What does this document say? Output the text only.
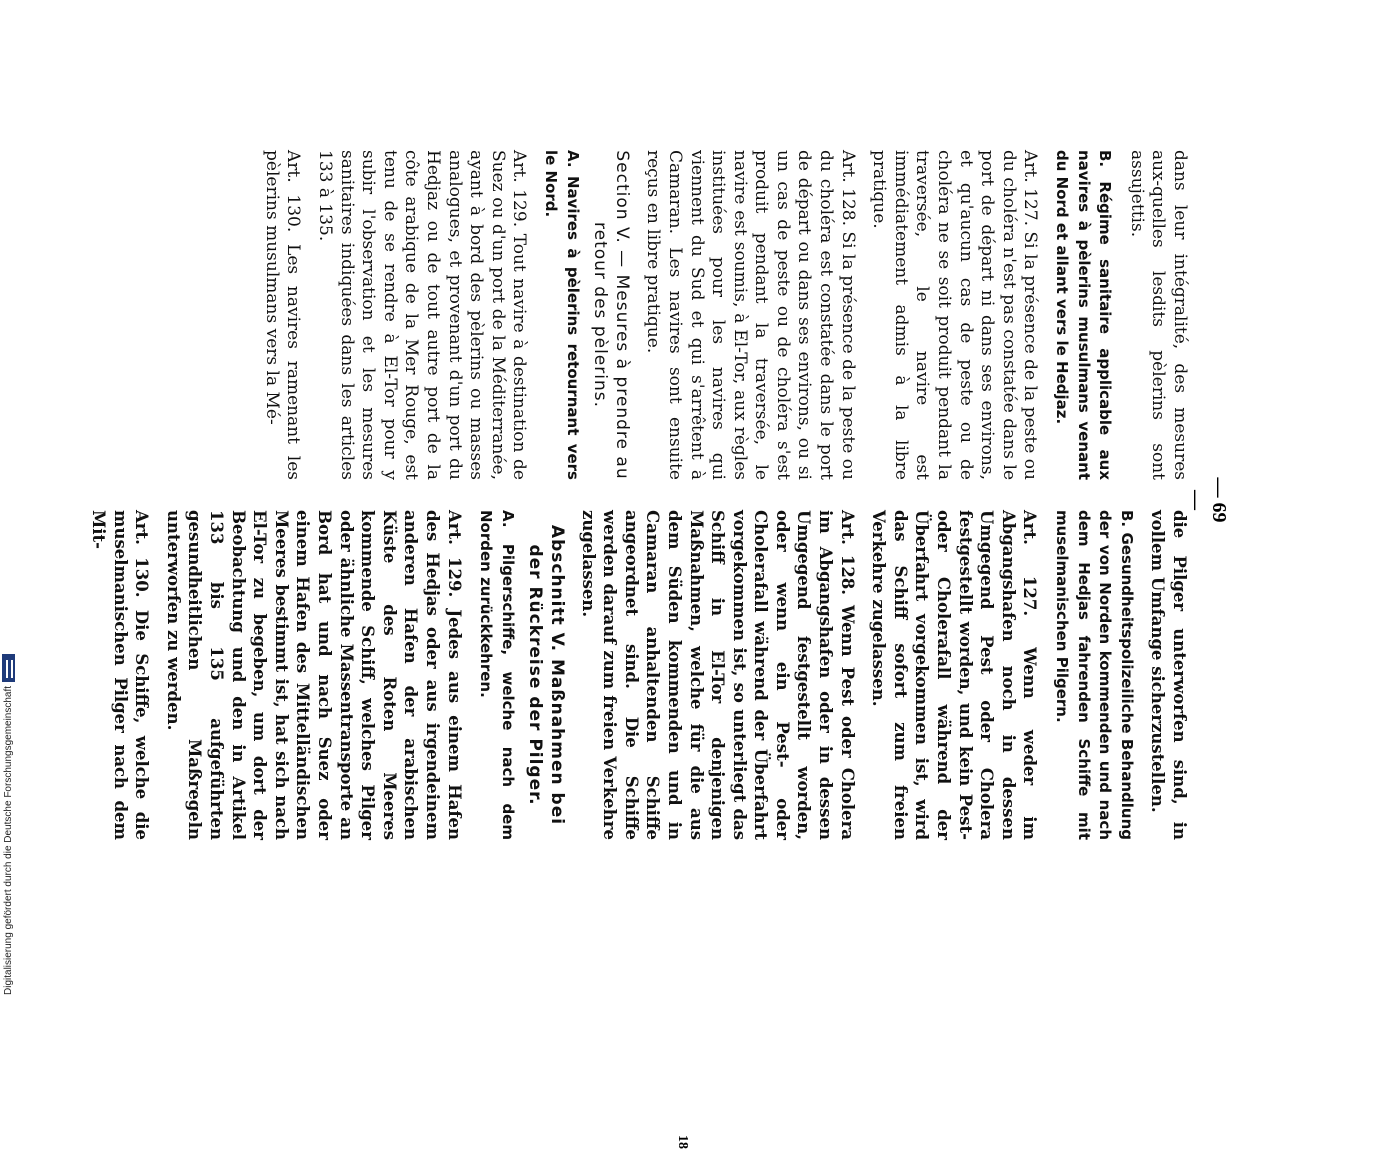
— 69 —

dans leur intégralité, des mesures aux-quelles lesdits pèlerins sont assujettis.

B. Régime sanitaire applicable aux navires à pèlerins musulmans venant du Nord et allant vers le Hedjaz.

Art. 127. Si la présence de la peste ou du choléra n'est pas constatée dans le port de départ ni dans ses environs, et qu'aucun cas de peste ou de choléra ne se soit produit pendant la traversée, le navire est immédiatement admis à la libre pratique.

Art. 128. Si la présence de la peste ou du choléra est constatée dans le port de départ ou dans ses environs, ou si un cas de peste ou de choléra s'est produit pendant la traversée, le navire est soumis, à El-Tor, aux règles instituées pour les navires qui viennent du Sud et qui s'arrêtent à Camaran. Les navires sont ensuite reçus en libre pratique.

Section V. — Mesures à prendre au retour des pèlerins.

A. Navires à pèlerins retournant vers le Nord.

Art. 129. Tout navire à destination de Suez ou d'un port de la Méditerranée, ayant à bord des pèlerins ou masses analogues, et provenant d'un port du Hedjaz ou de tout autre port de la côte arabique de la Mer Rouge, est tenu de se rendre à El-Tor pour y subir l'observation et les mesures sanitaires indiquées dans les articles 133 à 135.

Art. 130. Les navires ramenant les pèlerins musulmans vers la Mé-

die Pilger unterworfen sind, in vollem Umfange sicherzustellen.

B. Gesundheitspolizeiliche Behandlung der von Norden kommenden und nach dem Hedjas fahrenden Schiffe mit muselmanischen Pilgern.

Art. 127. Wenn weder im Abgangshafen noch in dessen Umgegend Pest oder Cholera festgestellt worden, und kein Pest- oder Cholerafall während der Überfahrt vorgekommen ist, wird das Schiff sofort zum freien Verkehre zugelassen.

Art. 128. Wenn Pest oder Cholera im Abgangshafen oder in dessen Umgegend festgestellt worden, oder wenn ein Pest- oder Cholerafall während der Überfahrt vorgekommen ist, so unterliegt das Schiff in El-Tor denjenigen Maßnahmen, welche für die aus dem Süden kommenden und in Camaran anhaltenden Schiffe angeordnet sind. Die Schiffe werden darauf zum freien Verkehre zugelassen.

Abschnitt V. Maßnahmen bei der Rückreise der Pilger.

A. Pilgerschiffe, welche nach dem Norden zurückkehren.

Art. 129. Jedes aus einem Hafen des Hedjas oder aus irgendeinem anderen Hafen der arabischen Küste des Roten Meeres kommende Schiff, welches Pilger oder ähnliche Massentransporte an Bord hat und nach Suez oder einem Hafen des Mittelländischen Meeres bestimmt ist, hat sich nach El-Tor zu begeben, um dort der Beobachtung und den in Artikel 133 bis 135 aufgeführten gesundheitlichen Maßregeln unterworfen zu werden.

Art. 130. Die Schiffe, welche die muselmanischen Pilger nach dem Mit-

18
Digitalisierung gefördert durch die Deutsche Forschungsgemeinschaft
